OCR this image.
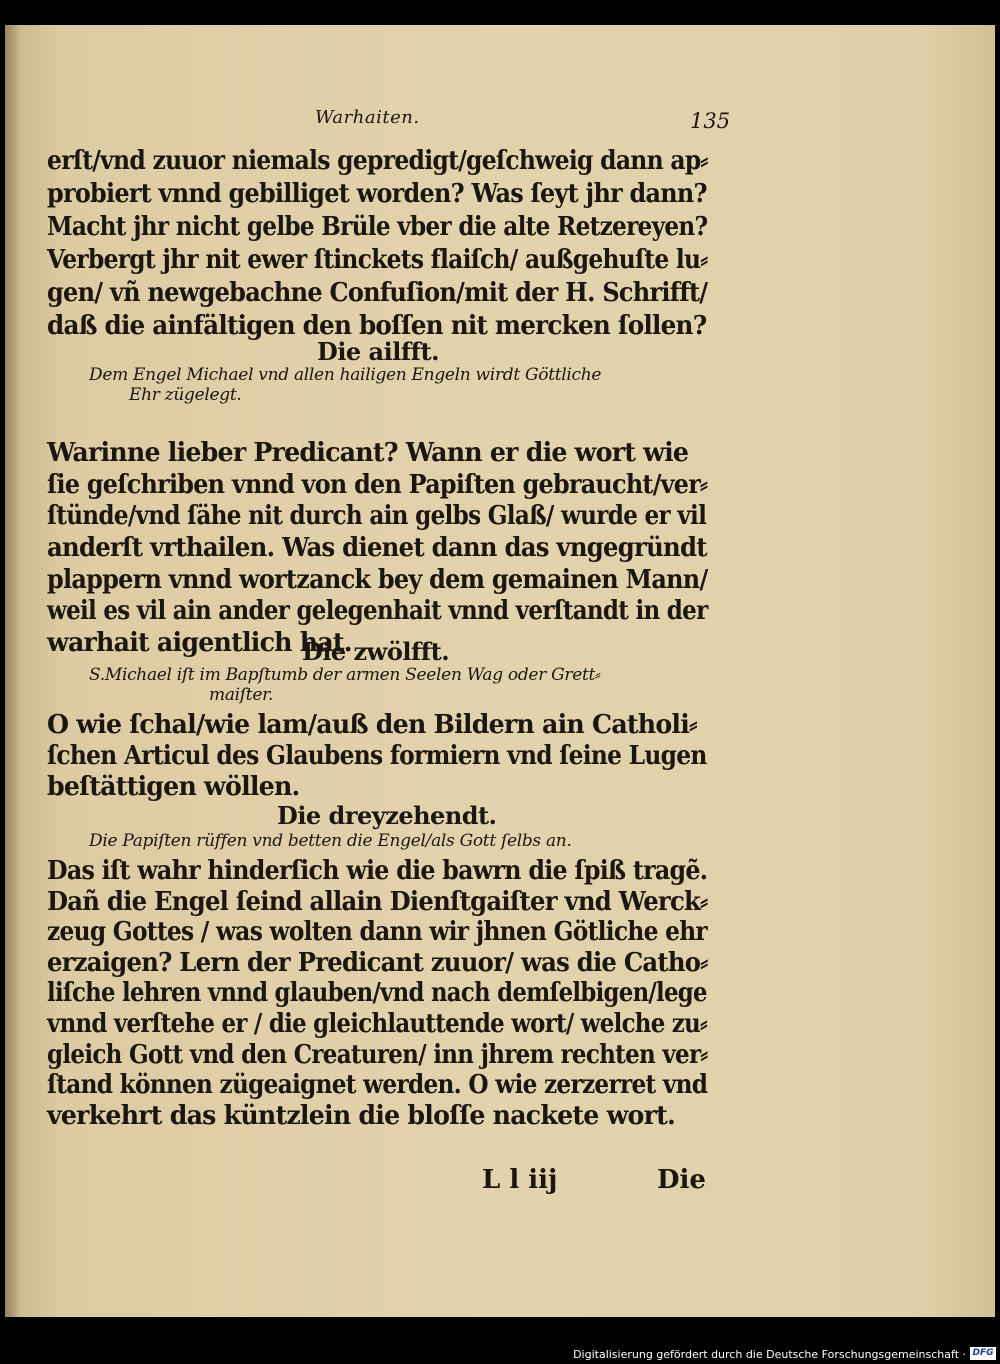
Warhaiten.	135
erſt/vnd zuuor niemals gepredigt/geſchweig dann ap⸗
probiert vnnd gebilliget worden? Was ſeyt jhr dann?
Macht jhr nicht gelbe Brüle vber die alte Retzereyen?
Verbergt jhr nit ewer ſtinckets flaiſch/ außgehuſte lu⸗
gen/ vñ newgebachne Confuſion/mit der H. Schrifft/
daß die ainfältigen den boſſen nit mercken ſollen?
Die ailfft.
Dem Engel Michael vnd allen hailigen Engeln wirdt Göttliche
Ehr zügelegt.
Warinne lieber Predicant? Wann er die wort wie
ſie geſchriben vnnd von den Papiſten gebraucht/ver⸗
ſtünde/vnd ſähe nit durch ain gelbs Glaß/ wurde er vil
anderſt vrthailen. Was dienet dann das vngegründt
plappern vnnd wortzanck bey dem gemainen Mann/
weil es vil ain ander gelegenhait vnnd verſtandt in der
warhait aigentlich hat.
Die zwölfft.
S.Michael iſt im Bapſtumb der armen Seelen Wag oder Grett⸗
maiſter.
O wie ſchal/wie lam/auß den Bildern ain Catholi⸗
ſchen Articul des Glaubens formiern vnd ſeine Lugen
beſtättigen wöllen.
Die dreyzehendt.
Die Papiſten rüffen vnd betten die Engel/als Gott ſelbs an.
Das iſt wahr hinderſich wie die bawrn die ſpiß tragẽ.
Dañ die Engel ſeind allain Dienſtgaiſter vnd Werck⸗
zeug Gottes / was wolten dann wir jhnen Götliche ehr
erzaigen? Lern der Predicant zuuor/ was die Catho⸗
liſche lehren vnnd glauben/vnd nach demſelbigen/lege
vnnd verſtehe er / die gleichlauttende wort/ welche zu⸗
gleich Gott vnd den Creaturen/ inn jhrem rechten ver⸗
ſtand können zügeaignet werden. O wie zerzerret vnd
verkehrt das küntzlein die bloſſe nackete wort.
L l iij	Die
Digitalisierung gefördert durch die Deutsche Forschungsgemeinschaft · DFG
